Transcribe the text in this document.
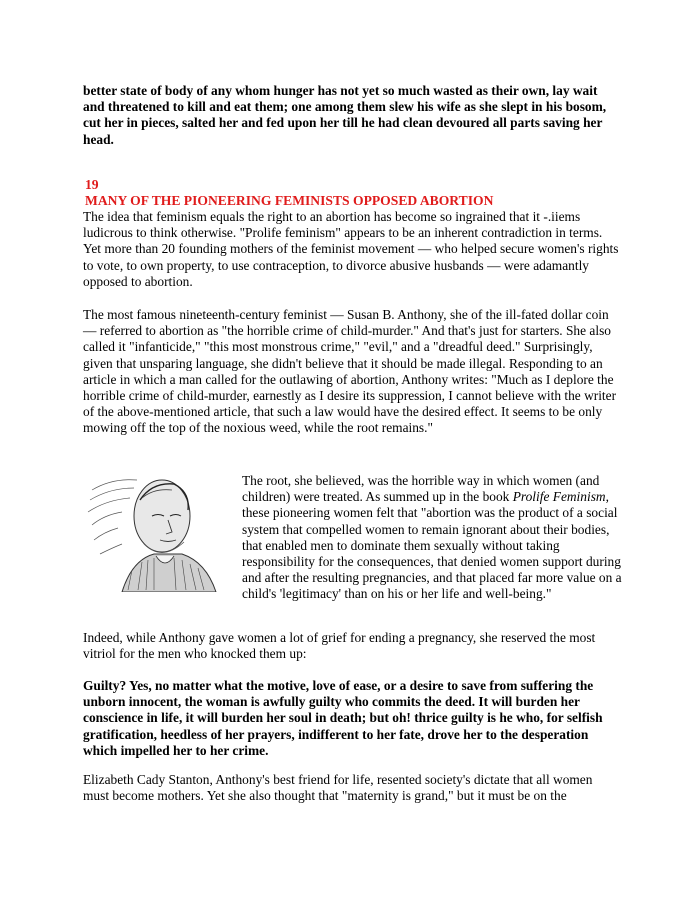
better state of body of any whom hunger has not yet so much wasted as their own, lay wait and threatened to kill and eat them; one among them slew his wife as she slept in his bosom, cut her in pieces, salted her and fed upon her till he had clean devoured all parts saving her head.

19
MANY OF THE PIONEERING FEMINISTS OPPOSED ABORTION

The idea that feminism equals the right to an abortion has become so ingrained that it -.iiems ludicrous to think otherwise. "Prolife feminism" appears to be an inherent contradiction in terms. Yet more than 20 founding mothers of the feminist movement — who helped secure women's rights to vote, to own property, to use contraception, to divorce abusive husbands — were adamantly opposed to abortion.

The most famous nineteenth-century feminist — Susan B. Anthony, she of the ill-fated dollar coin — referred to abortion as "the horrible crime of child-murder." And that's just for starters. She also called it "infanticide," "this most monstrous crime," "evil," and a "dreadful deed." Surprisingly, given that unsparing language, she didn't believe that it should be made illegal. Responding to an article in which a man called for the outlawing of abortion, Anthony writes: "Much as I deplore the horrible crime of child-murder, earnestly as I desire its suppression, I cannot believe with the writer of the above-mentioned article, that such a law would have the desired effect. It seems to be only mowing off the top of the noxious weed, while the root remains."

The root, she believed, was the horrible way in which women (and children) were treated. As summed up in the book Prolife Feminism, these pioneering women felt that "abortion was the product of a social system that compelled women to remain ignorant about their bodies, that enabled men to dominate them sexually without taking responsibility for the consequences, that denied women support during and after the resulting pregnancies, and that placed far more value on a child's 'legitimacy' than on his or her life and well-being."

Indeed, while Anthony gave women a lot of grief for ending a pregnancy, she reserved the most vitriol for the men who knocked them up:

Guilty? Yes, no matter what the motive, love of ease, or a desire to save from suffering the unborn innocent, the woman is awfully guilty who commits the deed. It will burden her conscience in life, it will burden her soul in death; but oh! thrice guilty is he who, for selfish gratification, heedless of her prayers, indifferent to her fate, drove her to the desperation which impelled her to her crime.

Elizabeth Cady Stanton, Anthony's best friend for life, resented society's dictate that all women must become mothers. Yet she also thought that "maternity is grand," but it must be on the
